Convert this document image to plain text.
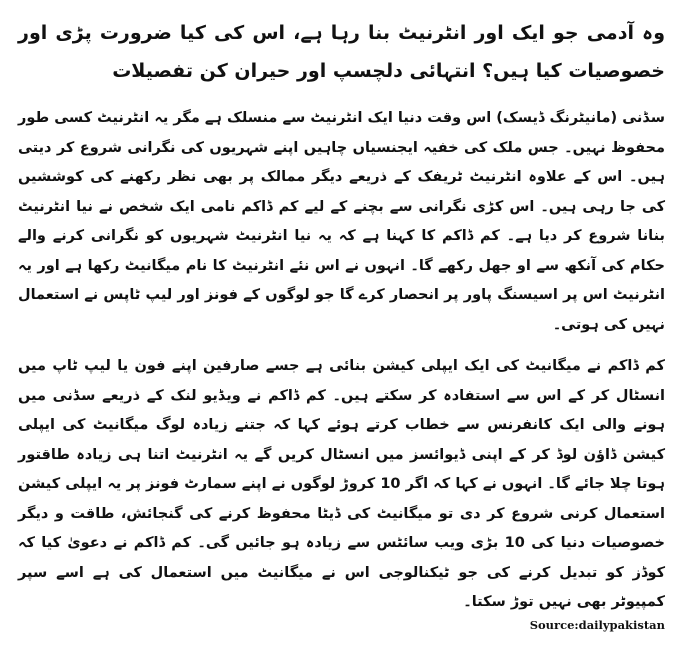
وہ آدمی جو ایک اور انٹرنیٹ بنا رہا ہے، اس کی کیا ضرورت پڑی اور خصوصیات کیا ہیں؟ انتہائی دلچسپ اور حیران کن تفصیلات

سڈنی (مانیٹرنگ ڈیسک) اس وقت دنیا ایک انٹرنیٹ سے منسلک ہے مگر یہ انٹرنیٹ کسی طور محفوظ نہیں۔ جس ملک کی خفیہ ایجنسیاں چاہیں اپنے شہریوں کی نگرانی شروع کر دیتی ہیں۔ اس کے علاوہ انٹرنیٹ ٹریفک کے ذریعے دیگر ممالک پر بھی نظر رکھنے کی کوششیں کی جا رہی ہیں۔ اس کڑی نگرانی سے بچنے کے لیے کم ڈاکم نامی ایک شخص نے نیا انٹرنیٹ بنانا شروع کر دیا ہے۔ کم ڈاکم کا کہنا ہے کہ یہ نیا انٹرنیٹ شہریوں کو نگرانی کرنے والے حکام کی آنکھ سے او جھل رکھے گا۔ انہوں نے اس نئے انٹرنیٹ کا نام میگانیٹ رکھا ہے اور یہ انٹرنیٹ اس پر اسیسنگ پاور پر انحصار کرے گا جو لوگوں کے فونز اور لیپ ٹاپس نے استعمال نہیں کی ہوتی۔

کم ڈاکم نے میگانیٹ کی ایک ایپلی کیشن بنائی ہے جسے صارفین اپنے فون یا لیپ ٹاپ میں انسٹال کر کے اس سے استفادہ کر سکتے ہیں۔ کم ڈاکم نے ویڈیو لنک کے ذریعے سڈنی میں ہونے والی ایک کانفرنس سے خطاب کرتے ہوئے کہا کہ جتنے زیادہ لوگ میگانیٹ کی ایپلی کیشن ڈاؤن لوڈ کر کے اپنی ڈیوائسز میں انسٹال کریں گے یہ انٹرنیٹ اتنا ہی زیادہ طاقتور ہوتا چلا جائے گا۔ انہوں نے کہا کہ اگر 10 کروڑ لوگوں نے اپنے سمارٹ فونز پر یہ ایپلی کیشن استعمال کرنی شروع کر دی تو میگانیٹ کی ڈیٹا محفوظ کرنے کی گنجائش، طاقت و دیگر خصوصیات دنیا کی 10 بڑی ویب سائٹس سے زیادہ ہو جائیں گی۔ کم ڈاکم نے دعویٰ کیا کہ کوڈز کو تبدیل کرنے کی جو ٹیکنالوجی اس نے میگانیٹ میں استعمال کی ہے اسے سپر کمپیوٹر بھی نہیں توڑ سکتا۔

Source:dailypakistan
